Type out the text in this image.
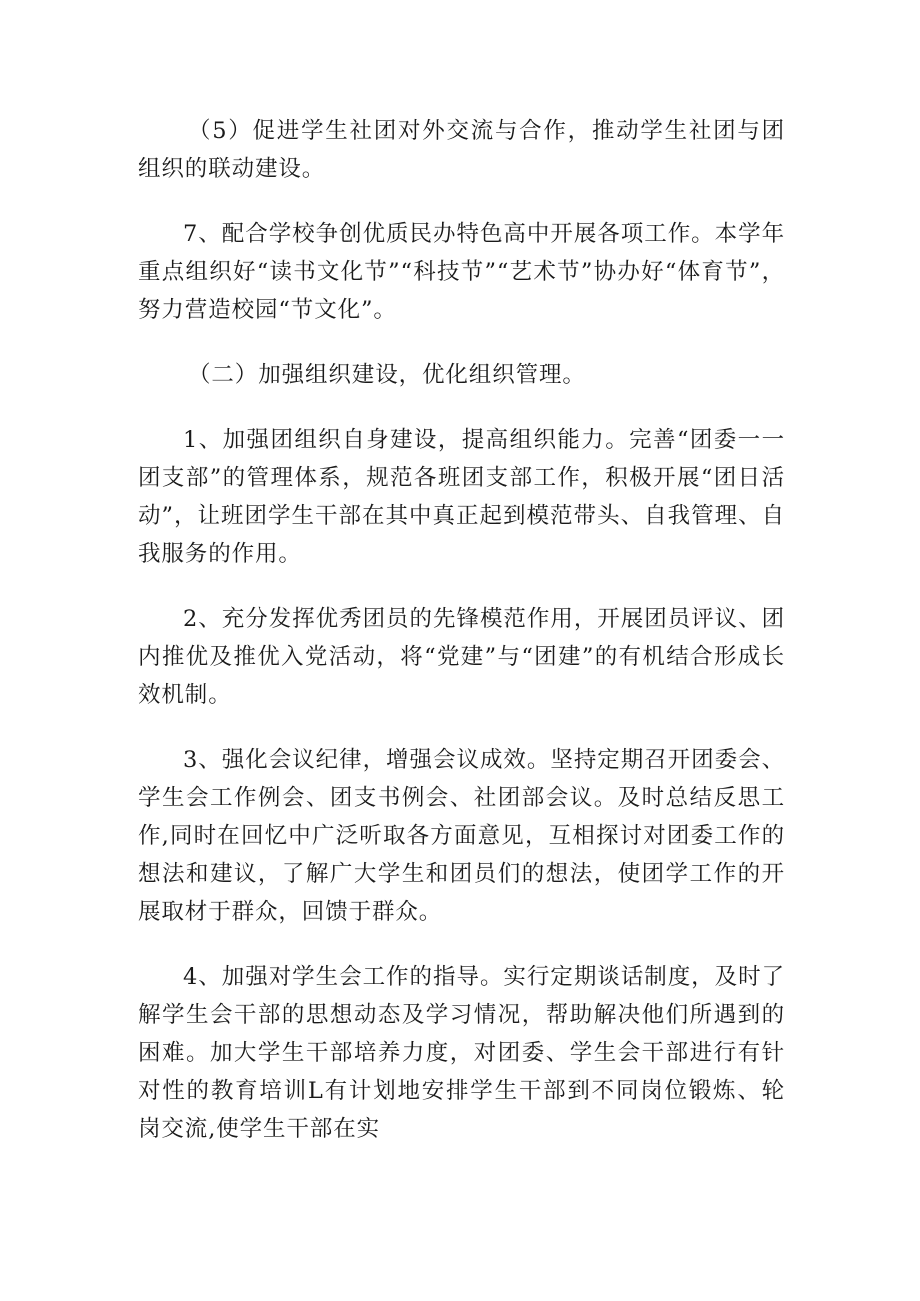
（5）促进学生社团对外交流与合作，推动学生社团与团组织的联动建设。

7、配合学校争创优质民办特色高中开展各项工作。本学年重点组织好“读书文化节”“科技节”“艺术节”协办好“体育节”，努力营造校园“节文化”。

（二）加强组织建设，优化组织管理。

1、加强团组织自身建设，提高组织能力。完善“团委一一团支部”的管理体系，规范各班团支部工作，积极开展“团日活动”，让班团学生干部在其中真正起到模范带头、自我管理、自我服务的作用。

2、充分发挥优秀团员的先锋模范作用，开展团员评议、团内推优及推优入党活动，将“党建”与“团建”的有机结合形成长效机制。

3、强化会议纪律，增强会议成效。坚持定期召开团委会、学生会工作例会、团支书例会、社团部会议。及时总结反思工作,同时在回忆中广泛听取各方面意见，互相探讨对团委工作的想法和建议，了解广大学生和团员们的想法，使团学工作的开展取材于群众，回馈于群众。

4、加强对学生会工作的指导。实行定期谈话制度，及时了解学生会干部的思想动态及学习情况，帮助解决他们所遇到的困难。加大学生干部培养力度，对团委、学生会干部进行有针对性的教育培训L有计划地安排学生干部到不同岗位锻炼、轮岗交流,使学生干部在实
